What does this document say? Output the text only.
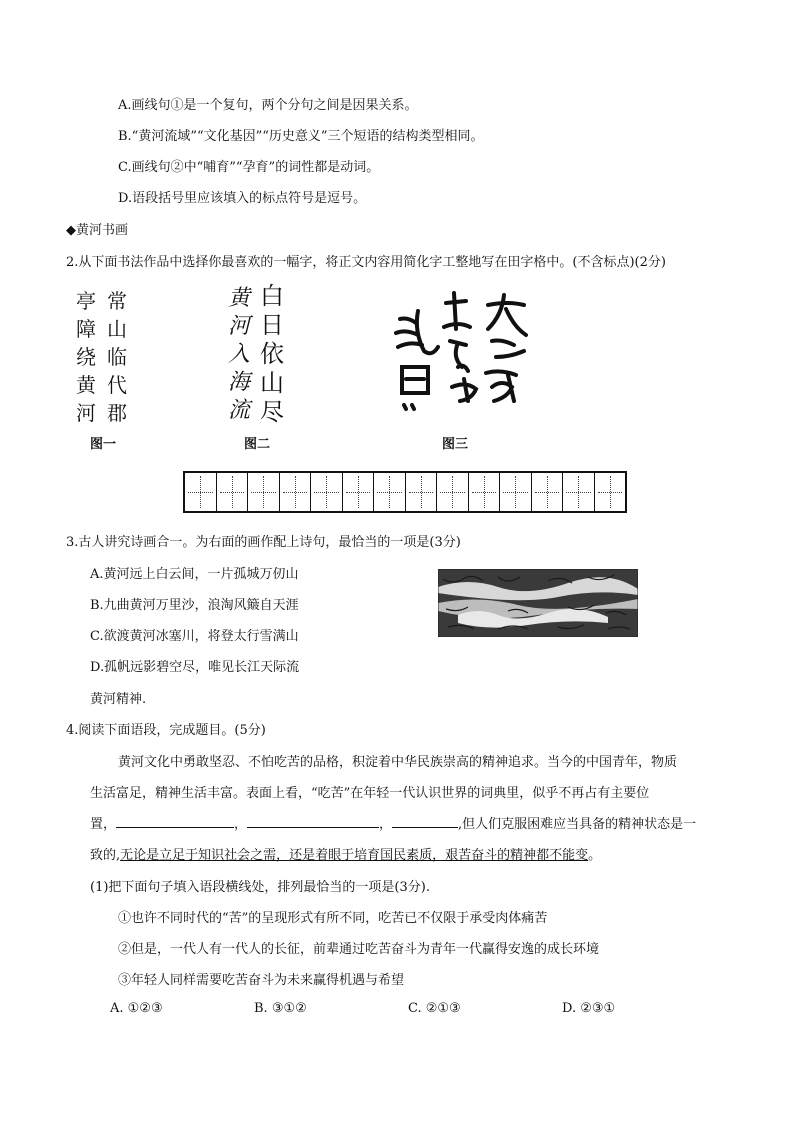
A.画线句①是一个复句，两个分句之间是因果关系。
B.“黄河流域”“文化基因”“历史意义”三个短语的结构类型相同。
C.画线句②中“哺育”“孕育”的词性都是动词。
D.语段括号里应该填入的标点符号是逗号。
◆黄河书画
2.从下面书法作品中选择你最喜欢的一幅字，将正文内容用简化字工整地写在田字格中。(不含标点)(2分)
亭
障
绕
黄
河
常
山
临
代
郡
图一
黄
河
入
海
流
白
日
依
山
尽
图二	图三
3.古人讲究诗画合一。为右面的画作配上诗句，最恰当的一项是(3分)
A.黄河远上白云间，一片孤城万仞山
B.九曲黄河万里沙，浪淘风簸自天涯
C.欲渡黄河冰塞川，将登太行雪满山
D.孤帆远影碧空尽，唯见长江天际流
黄河精神.
4.阅读下面语段，完成题目。(5分)
黄河文化中勇敢坚忍、不怕吃苦的品格，积淀着中华民族崇高的精神追求。当今的中国青年，物质
生活富足，精神生活丰富。表面上看，“吃苦”在年轻一代认识世界的词典里，似乎不再占有主要位
置，	，	，	,但人们克服困难应当具备的精神状态是一
致的,无论是立足于知识社会之需，还是着眼于培育国民素质，艰苦奋斗的精神都不能变。
(1)把下面句子填入语段横线处，排列最恰当的一项是(3分).
①也许不同时代的“苦”的呈现形式有所不同，吃苦已不仅限于承受肉体痛苦
②但是，一代人有一代人的长征，前辈通过吃苦奋斗为青年一代赢得安逸的成长环境
③年轻人同样需要吃苦奋斗为未来赢得机遇与希望
A. ①②③	B. ③①②	C. ②①③	D. ②③①
